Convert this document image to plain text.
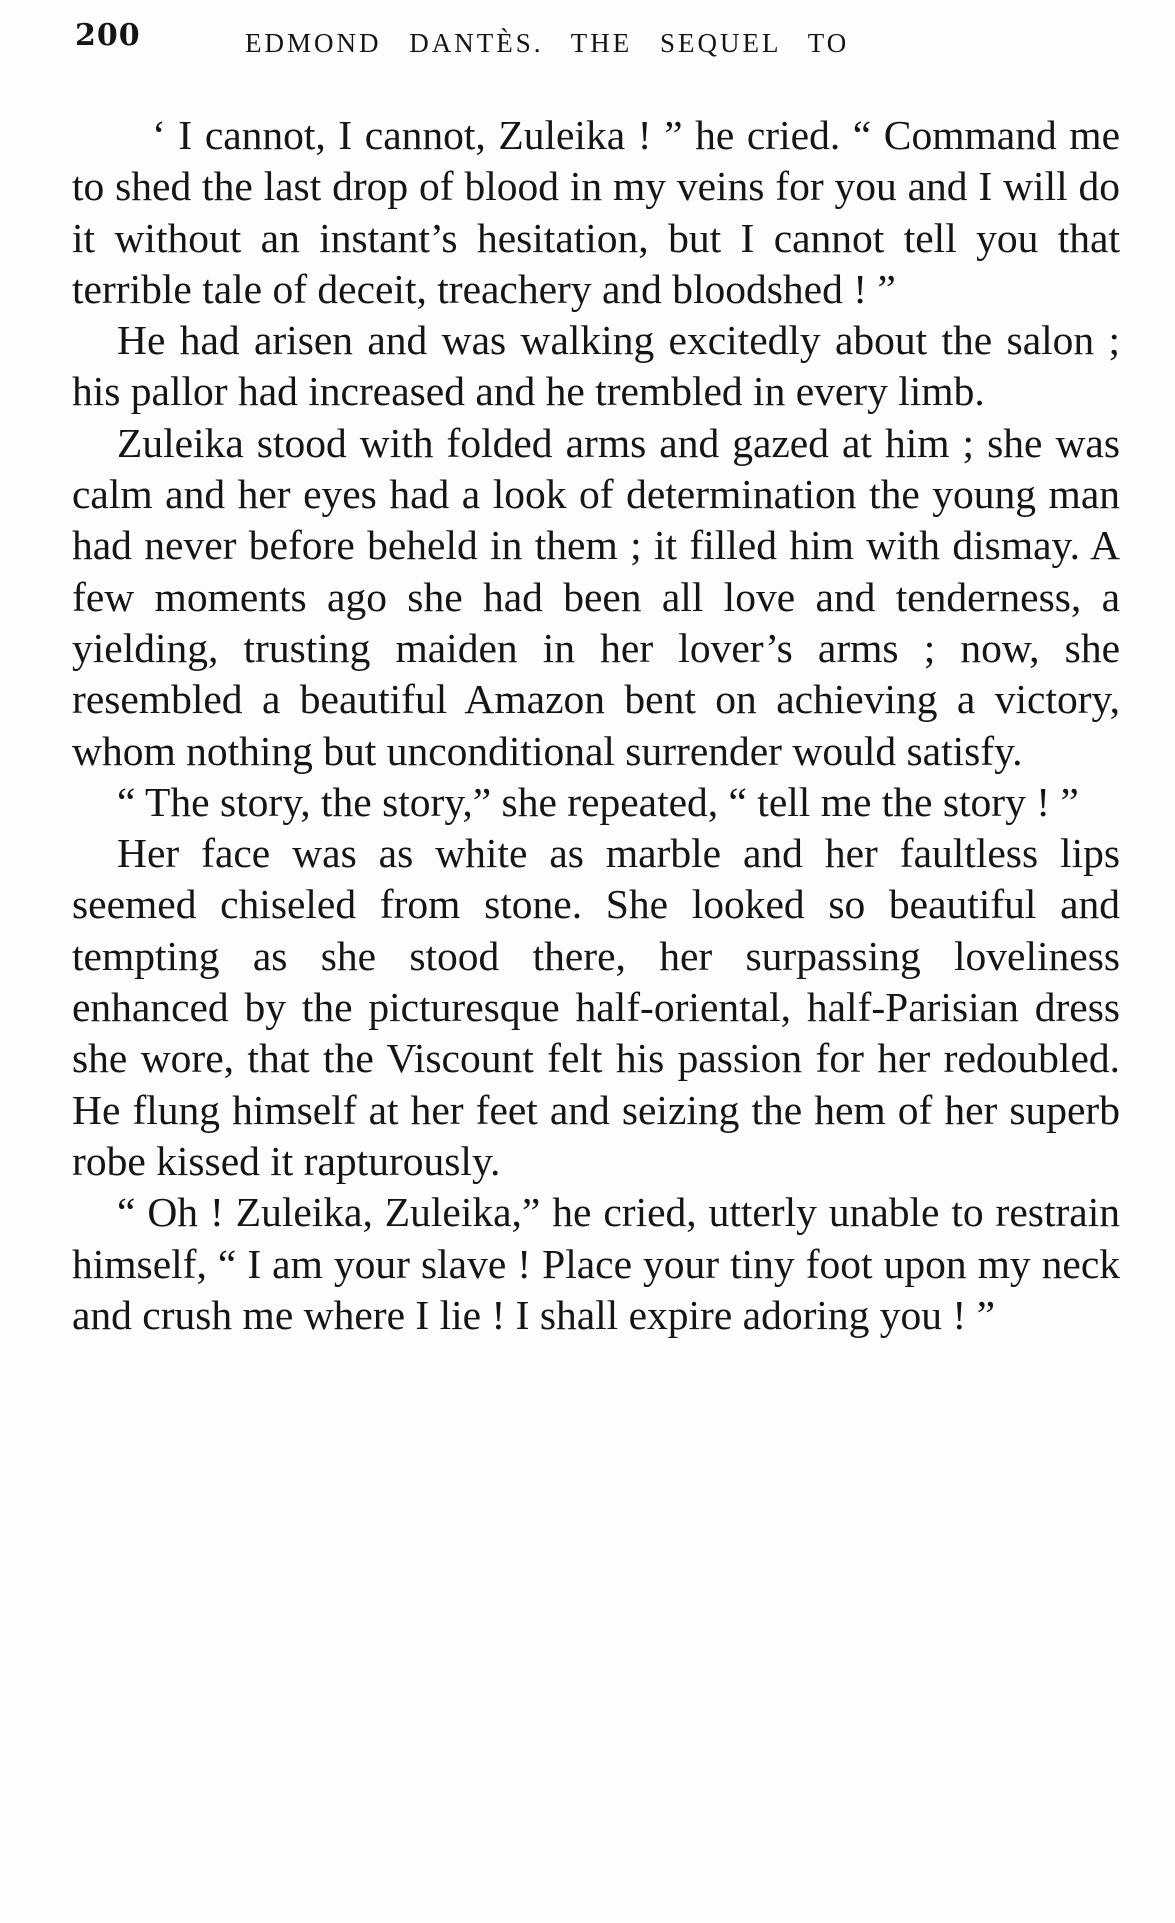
200	EDMOND DANTÈS. THE SEQUEL TO

‘ I cannot, I cannot, Zuleika ! ” he cried. “ Command me to shed the last drop of blood in my veins for you and I will do it without an instant’s hesitation, but I cannot tell you that terrible tale of deceit, treachery and bloodshed ! ”

He had arisen and was walking excitedly about the salon ; his pallor had increased and he trembled in every limb.

Zuleika stood with folded arms and gazed at him ; she was calm and her eyes had a look of determination the young man had never before beheld in them ; it filled him with dismay. A few moments ago she had been all love and tenderness, a yielding, trusting maiden in her lover’s arms ; now, she resembled a beautiful Amazon bent on achieving a victory, whom nothing but unconditional surrender would satisfy.

“ The story, the story,” she repeated, “ tell me the story ! ”

Her face was as white as marble and her faultless lips seemed chiseled from stone. She looked so beautiful and tempting as she stood there, her surpassing loveliness enhanced by the picturesque half-oriental, half-Parisian dress she wore, that the Viscount felt his passion for her redoubled. He flung himself at her feet and seizing the hem of her superb robe kissed it rapturously.

“ Oh ! Zuleika, Zuleika,” he cried, utterly unable to restrain himself, “ I am your slave ! Place your tiny foot upon my neck and crush me where I lie ! I shall expire adoring you ! ”
